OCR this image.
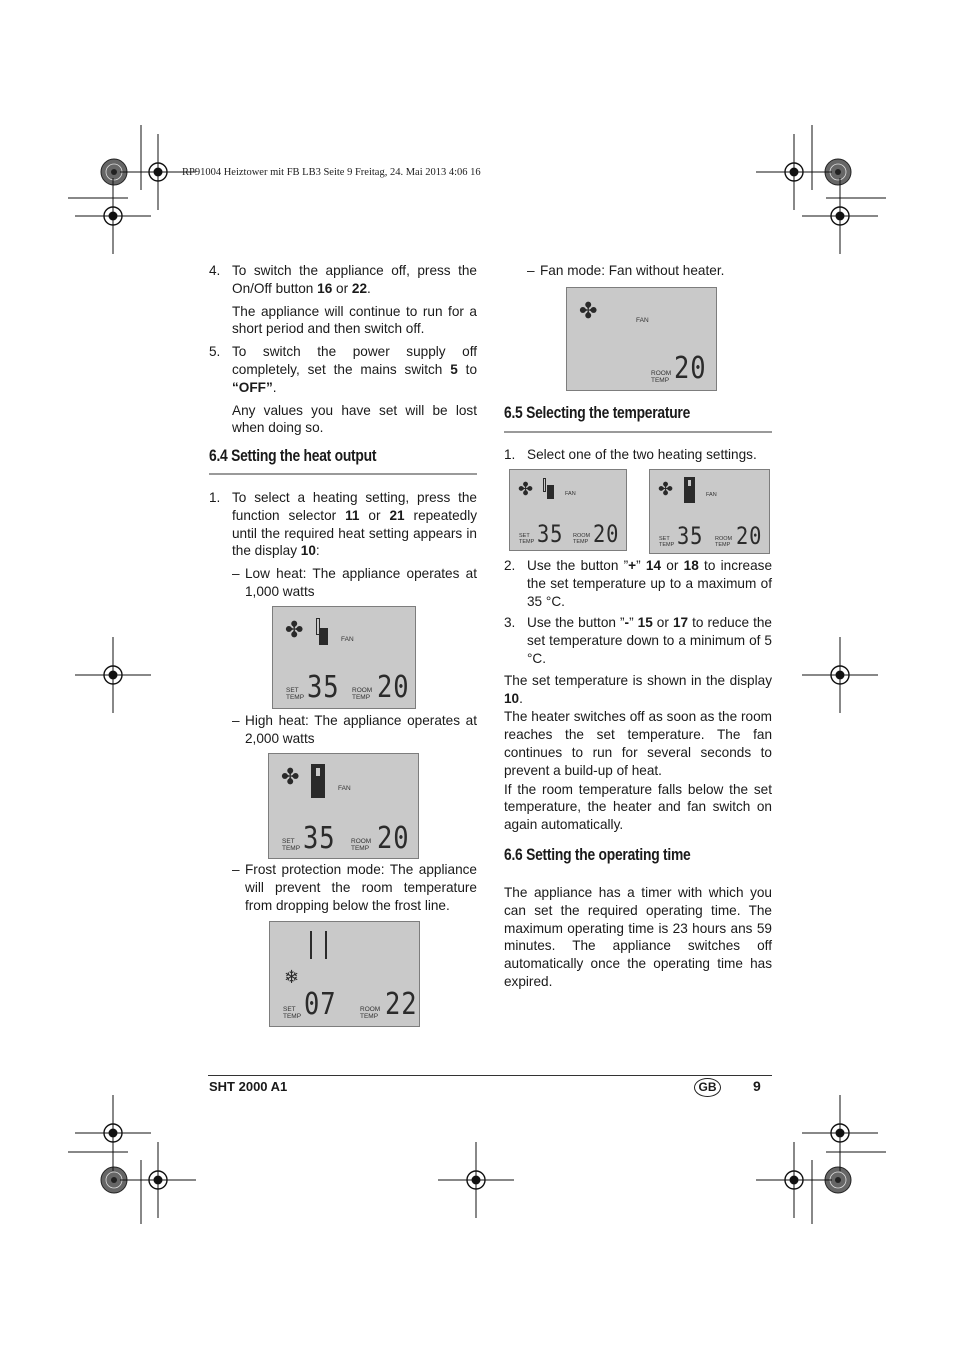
RP91004 Heiztower mit FB LB3 Seite 9 Freitag, 24. Mai 2013 4:06 16
4. To switch the appliance off, press the On/Off button 16 or 22.
The appliance will continue to run for a short period and then switch off.
5. To switch the power supply off completely, set the mains switch 5 to “OFF”.
Any values you have set will be lost when doing so.
6.4 Setting the heat output
1. To select a heating setting, press the function selector 11 or 21 repeatedly until the required heat setting appears in the display 10:
– Low heat: The appliance operates at 1,000 watts
– High heat: The appliance operates at 2,000 watts
– Frost protection mode: The appliance will prevent the room temperature from dropping below the frost line.
✤	FAN
SET TEMP 35 ROOM TEMP 20
✤	FAN
SET TEMP 35 ROOM TEMP 20
❄
SET TEMP 07	ROOM TEMP 22
– Fan mode: Fan without heater.
✤	FAN
ROOM TEMP 20
6.5 Selecting the temperature
1. Select one of the two heating settings.
✤	FAN
SET TEMP 35 ROOM TEMP 20
✤	FAN
SET TEMP 35 ROOM TEMP 20
2. Use the button ”+” 14 or 18 to increase the set temperature up to a maximum of 35 °C.
3. Use the button ”-” 15 or 17 to reduce the set temperature down to a minimum of 5 °C.

The set temperature is shown in the display 10.

The heater switches off as soon as the room reaches the set temperature. The fan continues to run for several seconds to prevent a build-up of heat.

If the room temperature falls below the set temperature, the heater and fan switch on again automatically.

6.6 Setting the operating time

The appliance has a timer with which you can set the required operating time. The maximum operating time is 23 hours ans 59 minutes. The appliance switches off automatically once the operating time has expired.

SHT 2000 A1	GB	9
